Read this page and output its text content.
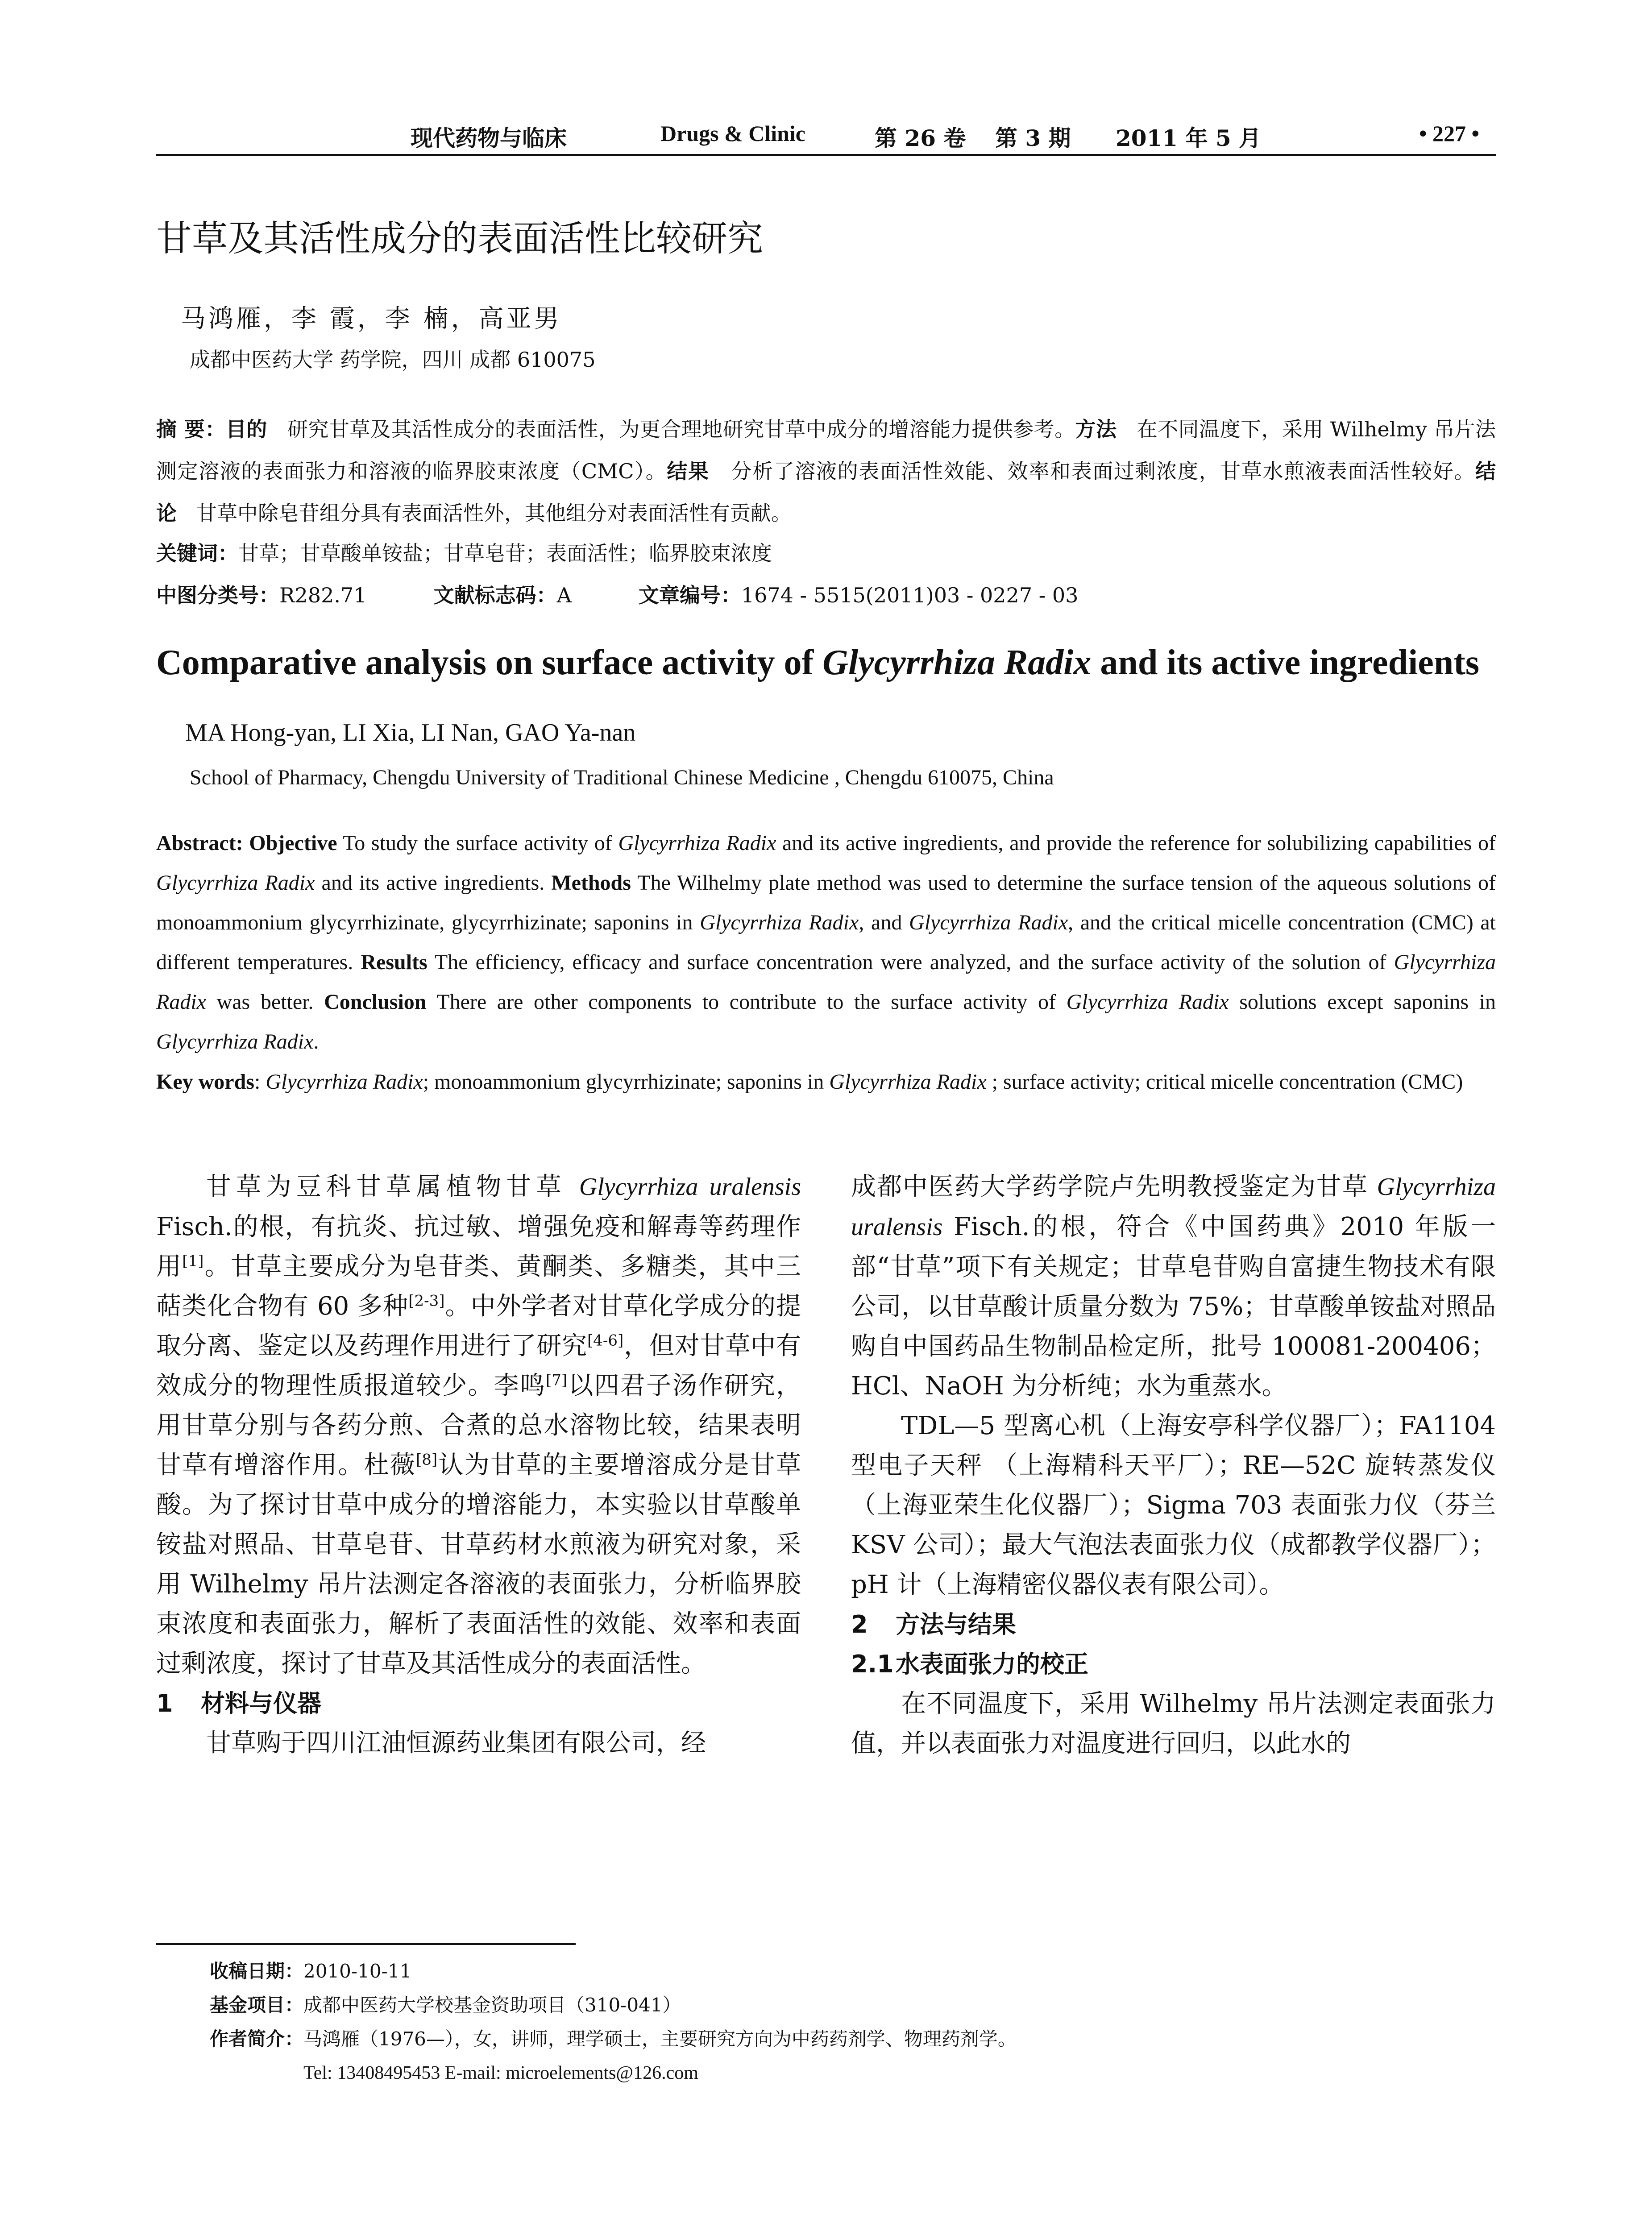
现代药物与临床	Drugs & Clinic	第 26 卷 第 3 期 2011 年 5 月	• 227 •
甘草及其活性成分的表面活性比较研究
马鸿雁，李 霞，李 楠，高亚男
成都中医药大学 药学院，四川 成都 610075
摘 要：目的 研究甘草及其活性成分的表面活性，为更合理地研究甘草中成分的增溶能力提供参考。方法 在不同温度下，采用 Wilhelmy 吊片法测定溶液的表面张力和溶液的临界胶束浓度（CMC）。结果 分析了溶液的表面活性效能、效率和表面过剩浓度，甘草水煎液表面活性较好。结论 甘草中除皂苷组分具有表面活性外，其他组分对表面活性有贡献。
关键词：甘草；甘草酸单铵盐；甘草皂苷；表面活性；临界胶束浓度
中图分类号：R282.71	文献标志码：A	文章编号：1674 - 5515(2011)03 - 0227 - 03
Comparative analysis on surface activity of Glycyrrhiza Radix and its active ingredients
MA Hong-yan, LI Xia, LI Nan, GAO Ya-nan
School of Pharmacy, Chengdu University of Traditional Chinese Medicine , Chengdu 610075, China
Abstract: Objective To study the surface activity of Glycyrrhiza Radix and its active ingredients, and provide the reference for solubilizing capabilities of Glycyrrhiza Radix and its active ingredients. Methods The Wilhelmy plate method was used to determine the surface tension of the aqueous solutions of monoammonium glycyrrhizinate, glycyrrhizinate; saponins in Glycyrrhiza Radix, and Glycyrrhiza Radix, and the critical micelle concentration (CMC) at different temperatures. Results The efficiency, efficacy and surface concentration were analyzed, and the surface activity of the solution of Glycyrrhiza Radix was better. Conclusion There are other components to contribute to the surface activity of Glycyrrhiza Radix solutions except saponins in Glycyrrhiza Radix.
Key words: Glycyrrhiza Radix; monoammonium glycyrrhizinate; saponins in Glycyrrhiza Radix ; surface activity; critical micelle concentration (CMC)

甘草为豆科甘草属植物甘草 Glycyrrhiza uralensis Fisch.的根，有抗炎、抗过敏、增强免疫和解毒等药理作用[1]。甘草主要成分为皂苷类、黄酮类、多糖类，其中三萜类化合物有 60 多种[2-3]。中外学者对甘草化学成分的提取分离、鉴定以及药理作用进行了研究[4-6]，但对甘草中有效成分的物理性质报道较少。李鸣[7]以四君子汤作研究，用甘草分别与各药分煎、合煮的总水溶物比较，结果表明甘草有增溶作用。杜薇[8]认为甘草的主要增溶成分是甘草酸。为了探讨甘草中成分的增溶能力，本实验以甘草酸单铵盐对照品、甘草皂苷、甘草药材水煎液为研究对象，采用 Wilhelmy 吊片法测定各溶液的表面张力，分析临界胶束浓度和表面张力，解析了表面活性的效能、效率和表面过剩浓度，探讨了甘草及其活性成分的表面活性。

1 材料与仪器

甘草购于四川江油恒源药业集团有限公司，经

成都中医药大学药学院卢先明教授鉴定为甘草 Glycyrrhiza uralensis Fisch.的根，符合《中国药典》2010 年版一部“甘草”项下有关规定；甘草皂苷购自富捷生物技术有限公司，以甘草酸计质量分数为 75%；甘草酸单铵盐对照品购自中国药品生物制品检定所，批号 100081-200406；HCl、NaOH 为分析纯；水为重蒸水。

TDL—5 型离心机（上海安亭科学仪器厂）；FA1104 型电子天秤 （上海精科天平厂）；RE—52C 旋转蒸发仪（上海亚荣生化仪器厂）；Sigma 703 表面张力仪（芬兰 KSV 公司）；最大气泡法表面张力仪（成都教学仪器厂）；pH 计（上海精密仪器仪表有限公司）。

2 方法与结果
2.1水表面张力的校正

在不同温度下，采用 Wilhelmy 吊片法测定表面张力值，并以表面张力对温度进行回归，以此水的

收稿日期：2010-10-11
基金项目：成都中医药大学校基金资助项目（310-041）
作者简介：马鸿雁（1976—），女，讲师，理学硕士，主要研究方向为中药药剂学、物理药剂学。
Tel: 13408495453 E-mail: microelements@126.com
